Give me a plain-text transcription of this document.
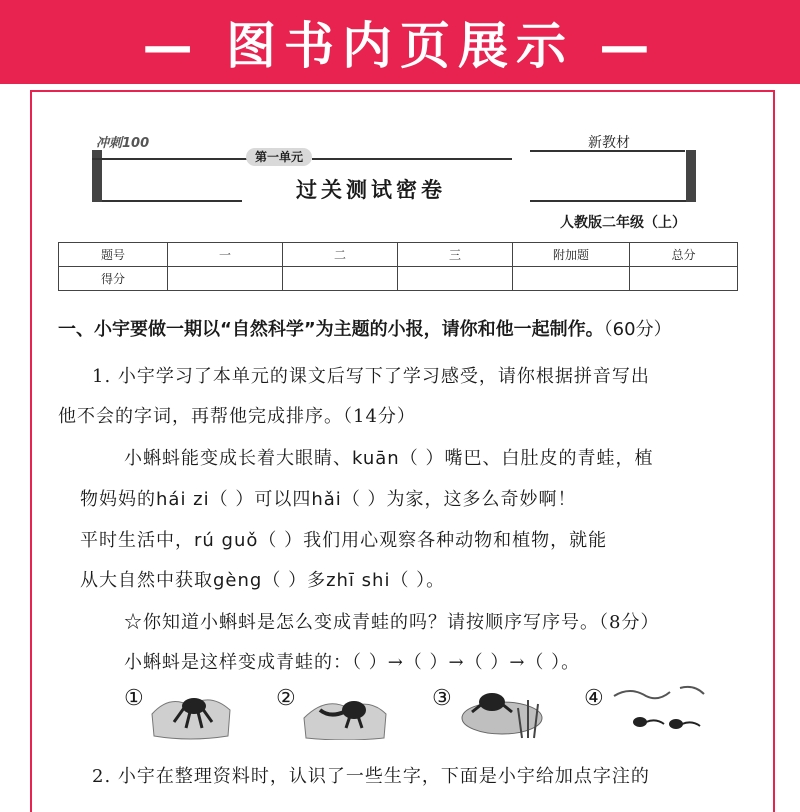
— 图书内页展示 —
冲刺100
第一单元
过关测试密卷
新教材
人教版二年级（上）
题号	一	二	三	附加题	总分
得分					
一、小宇要做一期以“自然科学”为主题的小报，请你和他一起制作。（60分）
1. 小宇学习了本单元的课文后写下了学习感受，请你根据拼音写出
他不会的字词，再帮他完成排序。（14分）
小蝌蚪能变成长着大眼睛、kuān（ ）嘴巴、白肚皮的青蛙，植
物妈妈的hái zi（ ）可以四hǎi（ ）为家，这多么奇妙啊！
平时生活中，rú guǒ（ ）我们用心观察各种动物和植物，就能
从大自然中获取gèng（ ）多zhī shi（ ）。
☆你知道小蝌蚪是怎么变成青蛙的吗？请按顺序写序号。（8分）
小蝌蚪是这样变成青蛙的：（ ）→（ ）→（ ）→（ ）。
①	②	③	④
2. 小宇在整理资料时，认识了一些生字，下面是小宇给加点字注的
